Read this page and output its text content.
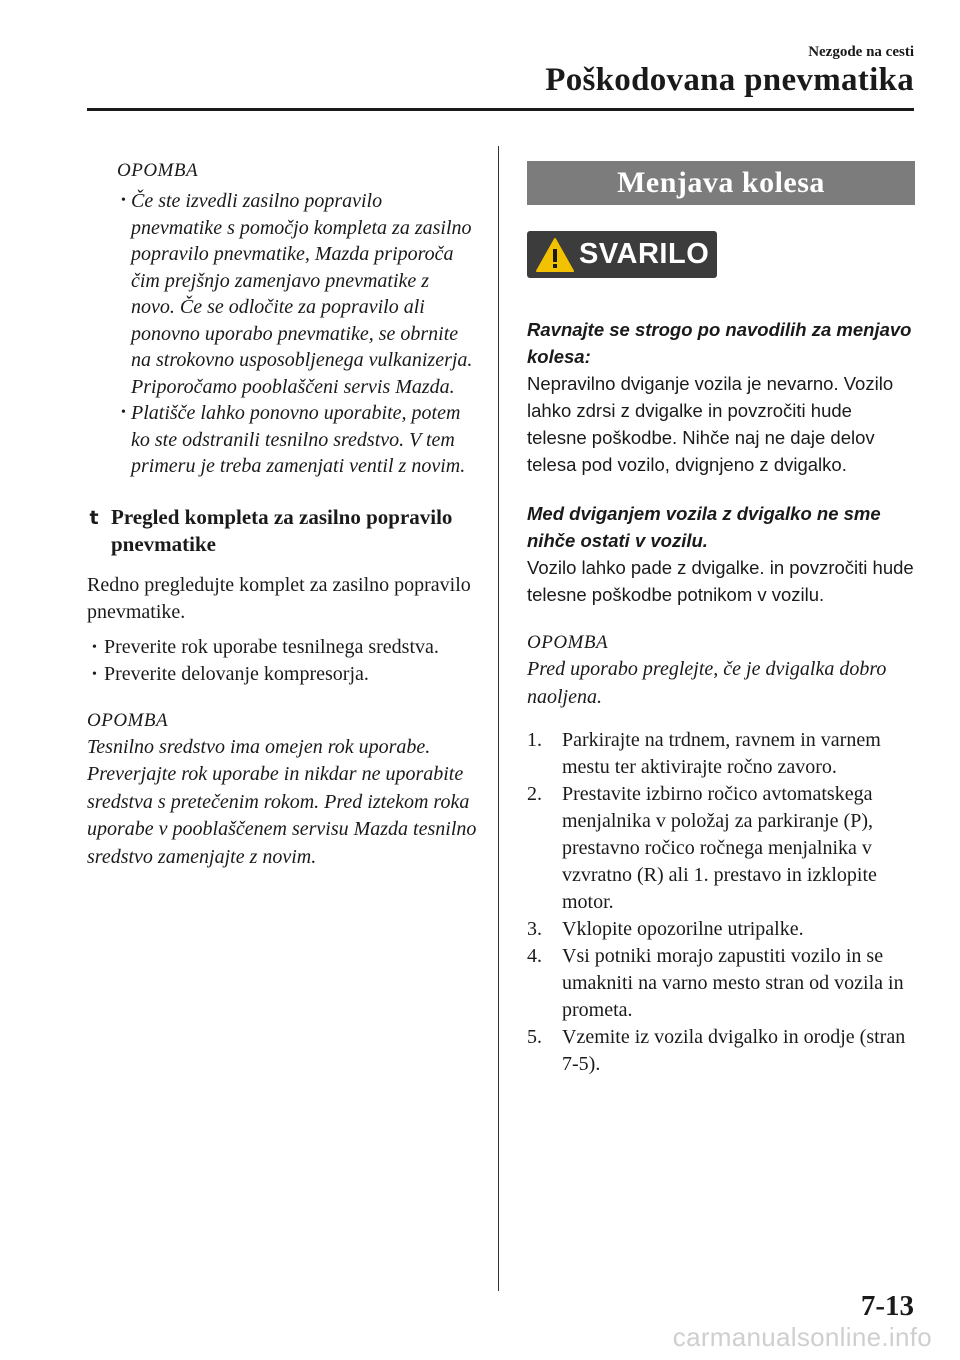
Nezgode na cesti
Poškodovana pnevmatika
OPOMBA
• Če ste izvedli zasilno popravilo pnevmatike s pomočjo kompleta za zasilno popravilo pnevmatike, Mazda priporoča čim prejšnjo zamenjavo pnevmatike z novo. Če se odločite za popravilo ali ponovno uporabo pnevmatike, se obrnite na strokovno usposobljenega vulkanizerja. Priporočamo pooblaščeni servis Mazda.
• Platišče lahko ponovno uporabite, potem ko ste odstranili tesnilno sredstvo. V tem primeru je treba zamenjati ventil z novim.
t Pregled kompleta za zasilno popravilo pnevmatike
Redno pregledujte komplet za zasilno popravilo pnevmatike.
• Preverite rok uporabe tesnilnega sredstva.
• Preverite delovanje kompresorja.
OPOMBA
Tesnilno sredstvo ima omejen rok uporabe. Preverjajte rok uporabe in nikdar ne uporabite sredstva s pretečenim rokom. Pred iztekom roka uporabe v pooblaščenem servisu Mazda tesnilno sredstvo zamenjajte z novim.
Menjava kolesa
SVARILO
Ravnajte se strogo po navodilih za menjavo kolesa:
Nepravilno dviganje vozila je nevarno. Vozilo lahko zdrsi z dvigalke in povzročiti hude telesne poškodbe. Nihče naj ne daje delov telesa pod vozilo, dvignjeno z dvigalko.
Med dviganjem vozila z dvigalko ne sme nihče ostati v vozilu.
Vozilo lahko pade z dvigalke. in povzročiti hude telesne poškodbe potnikom v vozilu.
OPOMBA
Pred uporabo preglejte, če je dvigalka dobro naoljena.
1. Parkirajte na trdnem, ravnem in varnem mestu ter aktivirajte ročno zavoro.
2. Prestavite izbirno ročico avtomatskega menjalnika v položaj za parkiranje (P), prestavno ročico ročnega menjalnika v vzvratno (R) ali 1. prestavo in izklopite motor.
3. Vklopite opozorilne utripalke.
4. Vsi potniki morajo zapustiti vozilo in se umakniti na varno mesto stran od vozila in prometa.
5. Vzemite iz vozila dvigalko in orodje (stran 7-5).
7-13
carmanualsonline.info
